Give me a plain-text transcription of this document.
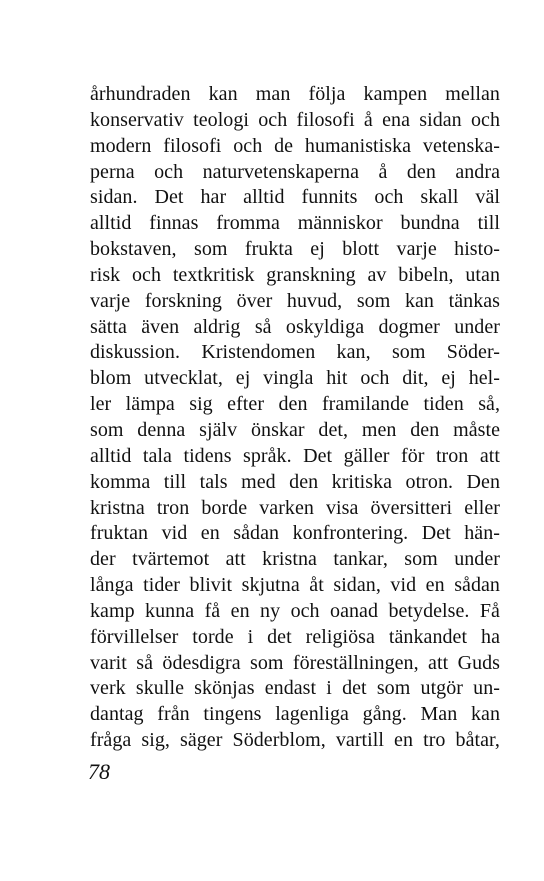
århundraden kan man följa kampen mellan
konservativ teologi och filosofi å ena sidan och
modern filosofi och de humanistiska vetenska-
perna och naturvetenskaperna å den andra
sidan. Det har alltid funnits och skall väl
alltid finnas fromma människor bundna till
bokstaven, som frukta ej blott varje histo-
risk och textkritisk granskning av bibeln, utan
varje forskning över huvud, som kan tänkas
sätta även aldrig så oskyldiga dogmer under
diskussion. Kristendomen kan, som Söder-
blom utvecklat, ej vingla hit och dit, ej hel-
ler lämpa sig efter den framilande tiden så,
som denna själv önskar det, men den måste
alltid tala tidens språk. Det gäller för tron att
komma till tals med den kritiska otron. Den
kristna tron borde varken visa översitteri eller
fruktan vid en sådan konfrontering. Det hän-
der tvärtemot att kristna tankar, som under
långa tider blivit skjutna åt sidan, vid en sådan
kamp kunna få en ny och oanad betydelse. Få
förvillelser torde i det religiösa tänkandet ha
varit så ödesdigra som föreställningen, att Guds
verk skulle skönjas endast i det som utgör un-
dantag från tingens lagenliga gång. Man kan
fråga sig, säger Söderblom, vartill en tro båtar,
78
